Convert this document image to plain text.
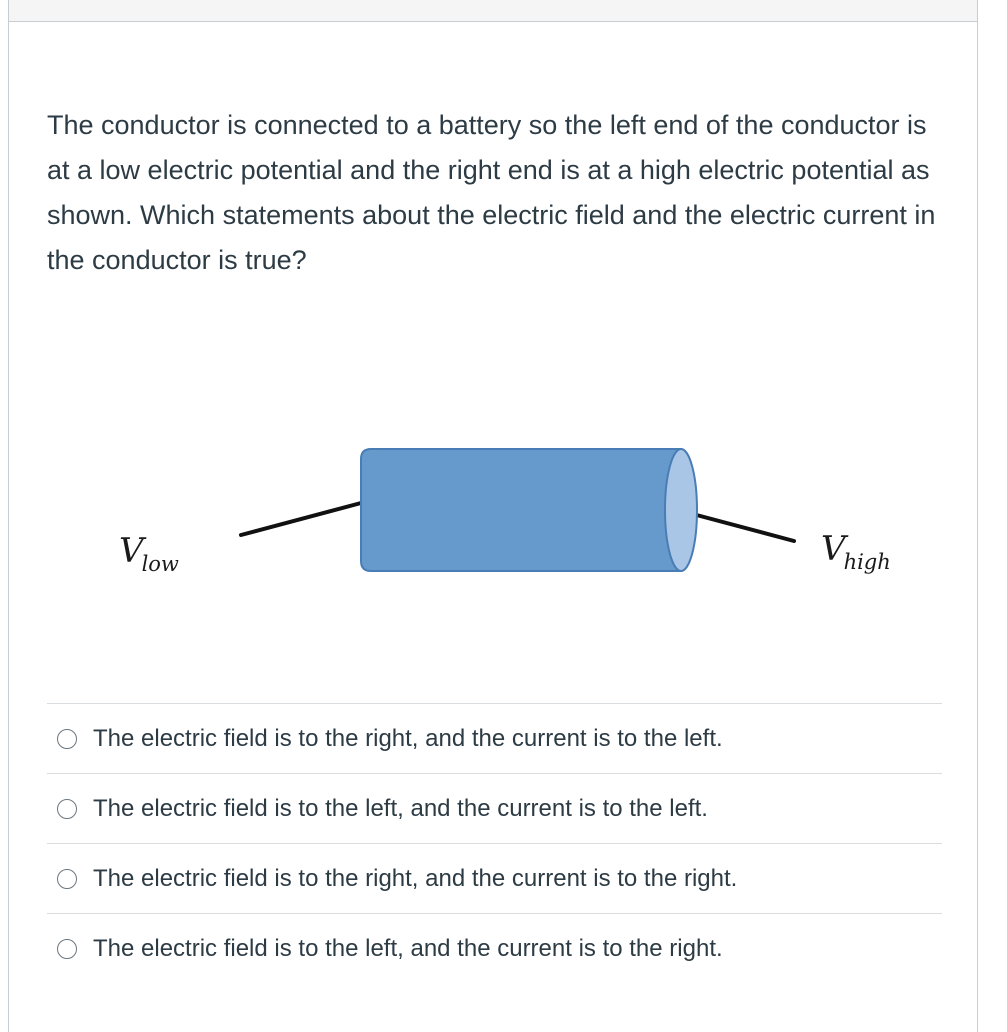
The conductor is connected to a battery so the left end of the conductor is at a low electric potential and the right end is at a high electric potential as shown. Which statements about the electric field and the electric current in the conductor is true?

Vlow	Vhigh
The electric field is to the right, and the current is to the left.
The electric field is to the left, and the current is to the left.
The electric field is to the right, and the current is to the right.
The electric field is to the left, and the current is to the right.
